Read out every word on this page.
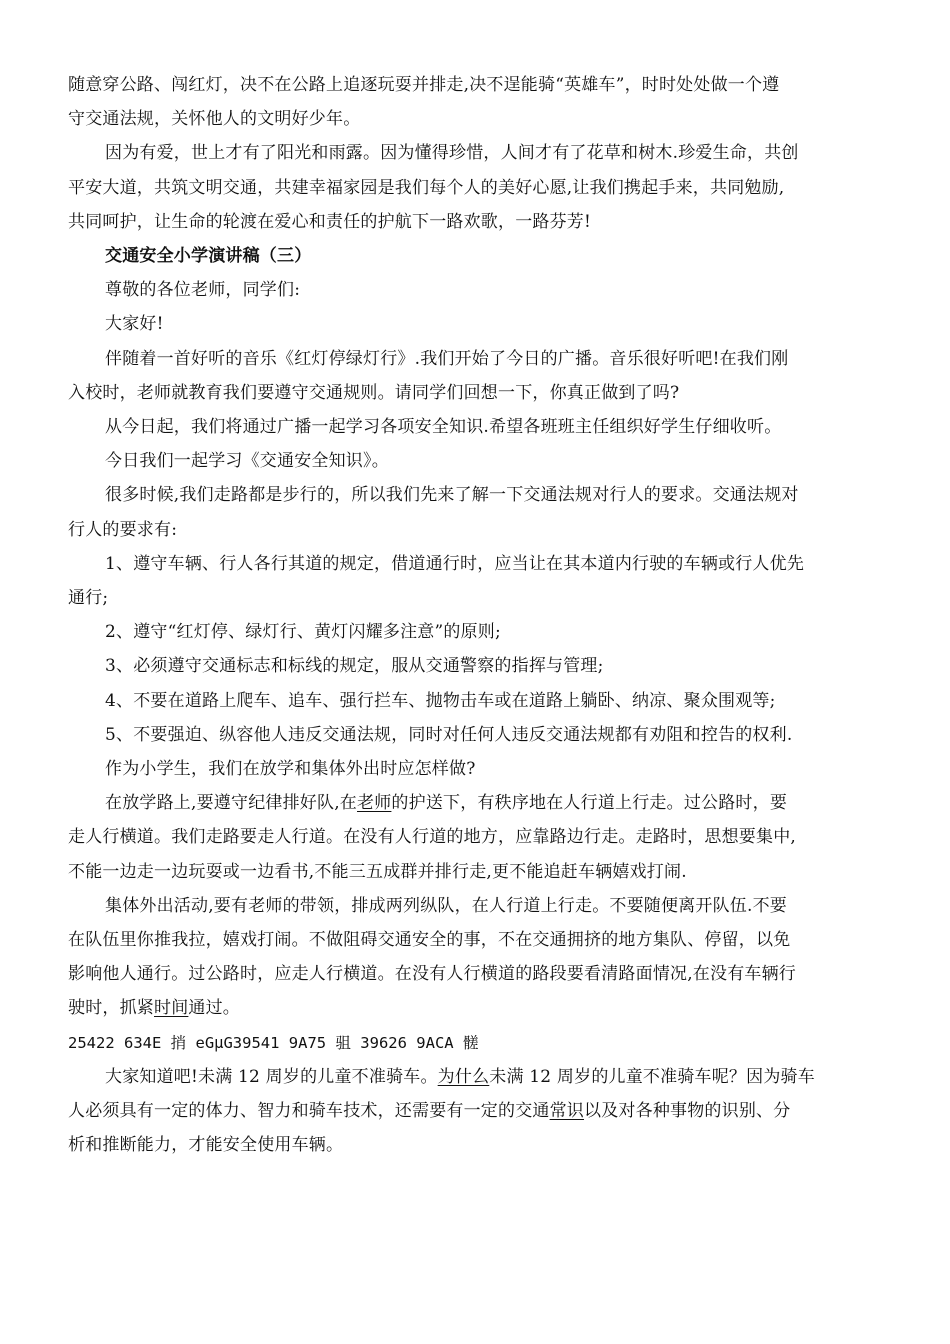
随意穿公路、闯红灯，决不在公路上追逐玩耍并排走,决不逞能骑“英雄车”，时时处处做一个遵
守交通法规，关怀他人的文明好少年。
因为有爱，世上才有了阳光和雨露。因为懂得珍惜，人间才有了花草和树木.珍爱生命，共创
平安大道，共筑文明交通，共建幸福家园是我们每个人的美好心愿,让我们携起手来，共同勉励,
共同呵护，让生命的轮渡在爱心和责任的护航下一路欢歌，一路芬芳!
交通安全小学演讲稿（三）
尊敬的各位老师，同学们:
大家好!
伴随着一首好听的音乐《红灯停绿灯行》.我们开始了今日的广播。音乐很好听吧!在我们刚
入校时，老师就教育我们要遵守交通规则。请同学们回想一下，你真正做到了吗?
从今日起，我们将通过广播一起学习各项安全知识.希望各班班主任组织好学生仔细收听。
今日我们一起学习《交通安全知识》。
很多时候,我们走路都是步行的，所以我们先来了解一下交通法规对行人的要求。交通法规对
行人的要求有:
1、遵守车辆、行人各行其道的规定，借道通行时，应当让在其本道内行驶的车辆或行人优先
通行;
2、遵守“红灯停、绿灯行、黄灯闪耀多注意”的原则;
3、必须遵守交通标志和标线的规定，服从交通警察的指挥与管理;
4、不要在道路上爬车、追车、强行拦车、抛物击车或在道路上躺卧、纳凉、聚众围观等;
5、不要强迫、纵容他人违反交通法规，同时对任何人违反交通法规都有劝阻和控告的权利.
作为小学生，我们在放学和集体外出时应怎样做?
在放学路上,要遵守纪律排好队,在老师的护送下，有秩序地在人行道上行走。过公路时，要
走人行横道。我们走路要走人行道。在没有人行道的地方，应靠路边行走。走路时，思想要集中,
不能一边走一边玩耍或一边看书,不能三五成群并排行走,更不能追赶车辆嬉戏打闹.
集体外出活动,要有老师的带领，排成两列纵队，在人行道上行走。不要随便离开队伍.不要
在队伍里你推我拉，嬉戏打闹。不做阻碍交通安全的事，不在交通拥挤的地方集队、停留，以免
影响他人通行。过公路时，应走人行横道。在没有人行横道的路段要看清路面情况,在没有车辆行
驶时，抓紧时间通过。
25422 634E 捎 eGμG39541 9A75 驵 39626 9ACA 髊
大家知道吧!未满 12 周岁的儿童不准骑车。为什么未满 12 周岁的儿童不准骑车呢？因为骑车
人必须具有一定的体力、智力和骑车技术，还需要有一定的交通常识以及对各种事物的识别、分
析和推断能力，才能安全使用车辆。
